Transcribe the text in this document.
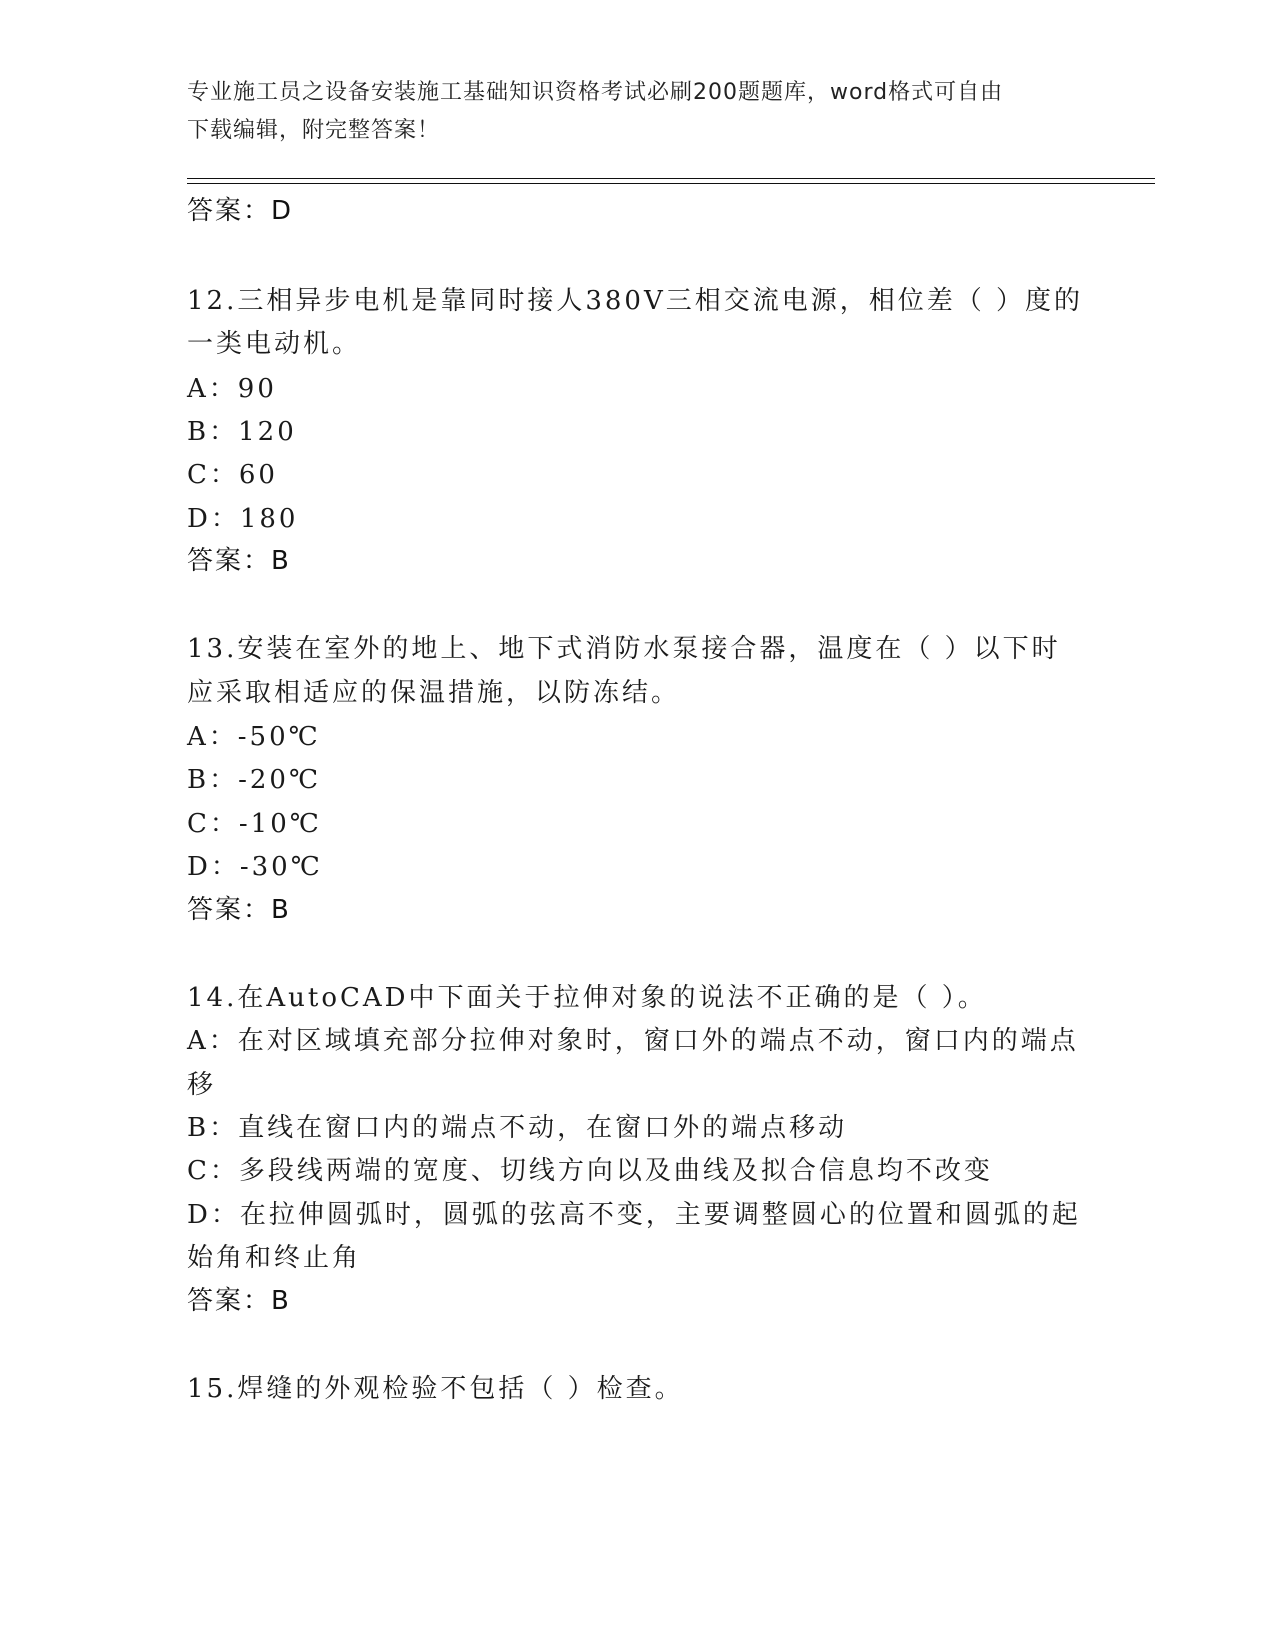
专业施工员之设备安装施工基础知识资格考试必刷200题题库，word格式可自由
下载编辑，附完整答案！
答案：D
12.三相异步电机是靠同时接人380V三相交流电源，相位差（ ）度的
一类电动机。
A：90
B：120
C：60
D：180
答案：B
13.安装在室外的地上、地下式消防水泵接合器，温度在（ ）以下时
应采取相适应的保温措施，以防冻结。
A：-50℃
B：-20℃
C：-10℃
D：-30℃
答案：B
14.在AutoCAD中下面关于拉伸对象的说法不正确的是（ ）。
A：在对区域填充部分拉伸对象时，窗口外的端点不动，窗口内的端点
移
B：直线在窗口内的端点不动，在窗口外的端点移动
C：多段线两端的宽度、切线方向以及曲线及拟合信息均不改变
D：在拉伸圆弧时，圆弧的弦高不变，主要调整圆心的位置和圆弧的起
始角和终止角
答案：B
15.焊缝的外观检验不包括（ ）检查。
